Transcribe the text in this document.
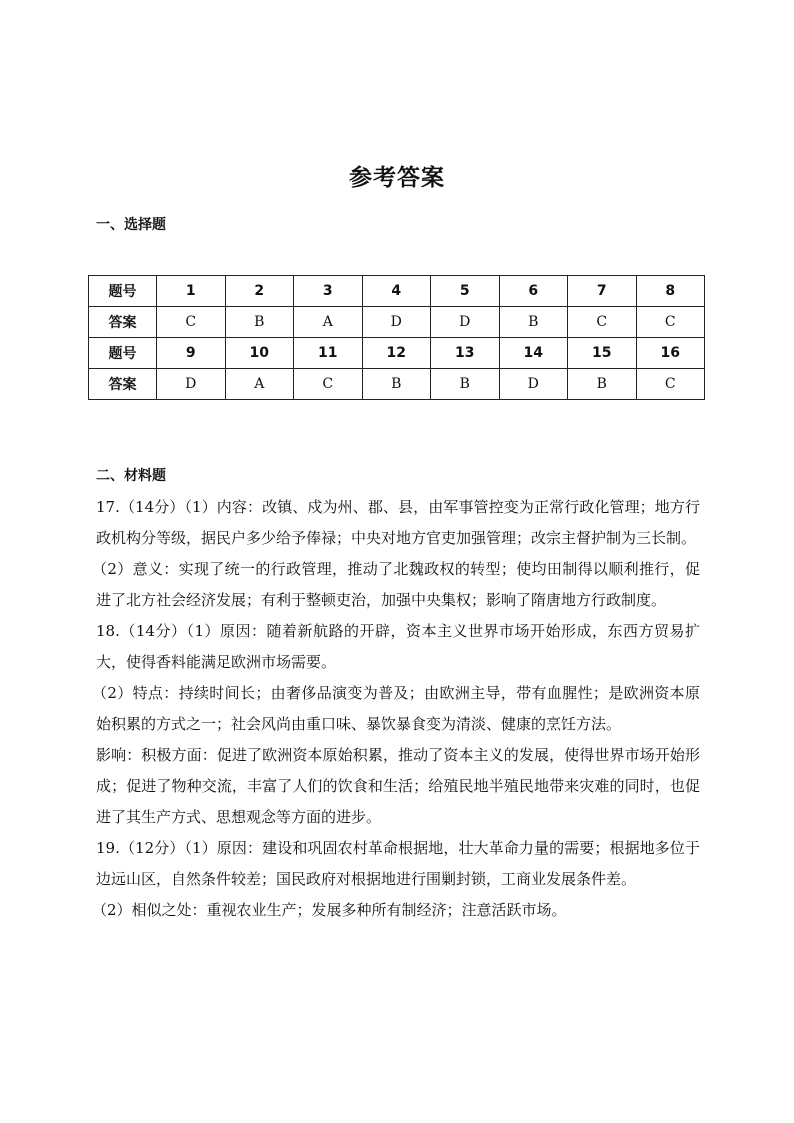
参考答案
一、选择题
题号	1	2	3	4	5	6	7	8
答案	C	B	A	D	D	B	C	C
题号	9	10	11	12	13	14	15	16
答案	D	A	C	B	B	D	B	C
二、材料题

17.（14分）（1）内容：改镇、戍为州、郡、县，由军事管控变为正常行政化管理；地方行政机构分等级，据民户多少给予俸禄；中央对地方官吏加强管理；改宗主督护制为三长制。

（2）意义：实现了统一的行政管理，推动了北魏政权的转型；使均田制得以顺利推行，促进了北方社会经济发展；有利于整顿吏治，加强中央集权；影响了隋唐地方行政制度。

18.（14分）（1）原因：随着新航路的开辟，资本主义世界市场开始形成，东西方贸易扩大，使得香料能满足欧洲市场需要。

（2）特点：持续时间长；由奢侈品演变为普及；由欧洲主导，带有血腥性；是欧洲资本原始积累的方式之一；社会风尚由重口味、暴饮暴食变为清淡、健康的烹饪方法。

影响：积极方面：促进了欧洲资本原始积累，推动了资本主义的发展，使得世界市场开始形成；促进了物种交流，丰富了人们的饮食和生活；给殖民地半殖民地带来灾难的同时，也促进了其生产方式、思想观念等方面的进步。

19.（12分）（1）原因：建设和巩固农村革命根据地，壮大革命力量的需要；根据地多位于边远山区，自然条件较差；国民政府对根据地进行围剿封锁，工商业发展条件差。

（2）相似之处：重视农业生产；发展多种所有制经济；注意活跃市场。
